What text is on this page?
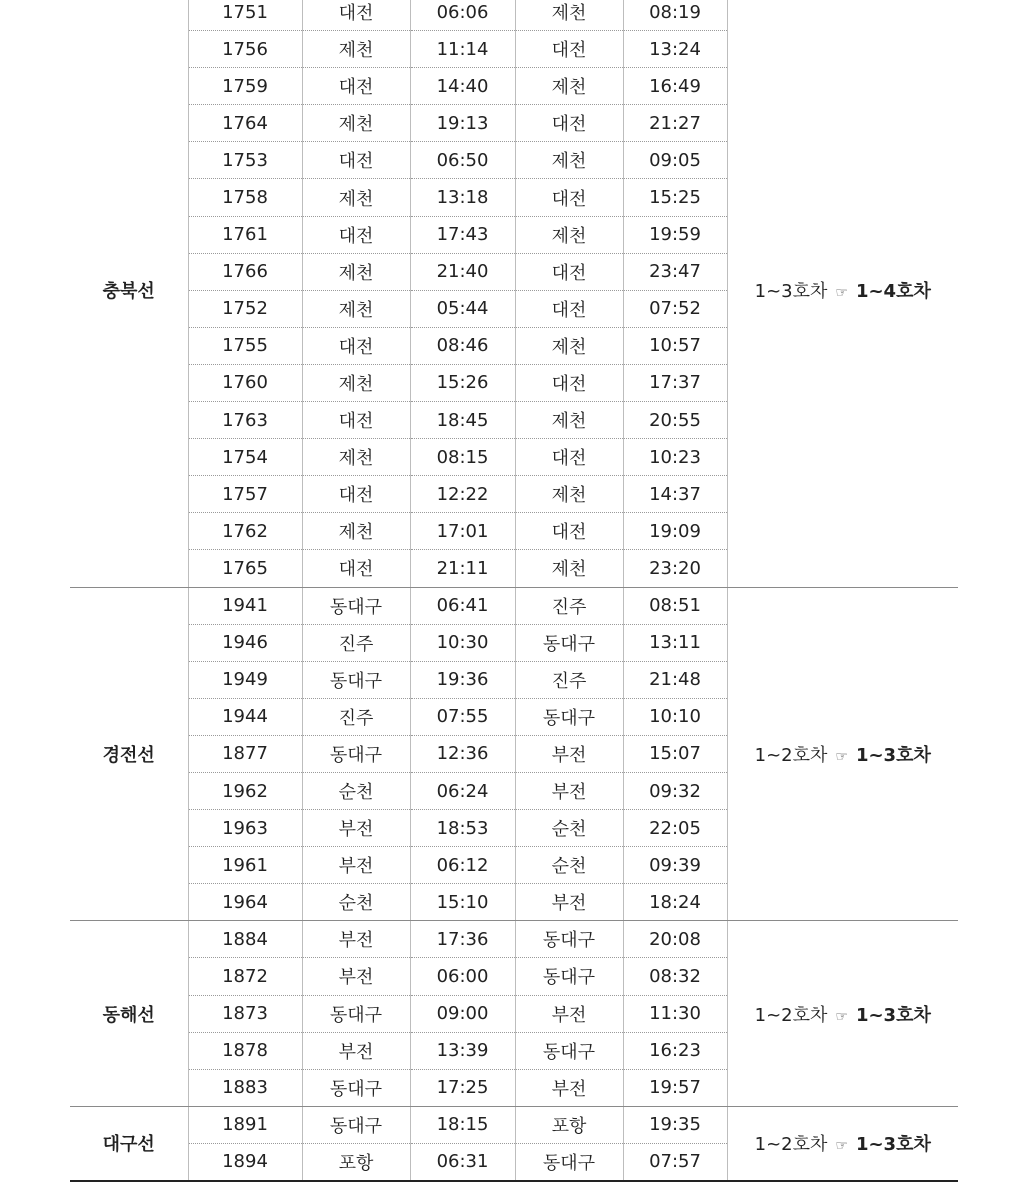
충북선	1751	대전	06:06	제천	08:19	1~3호차 ☞ 1~4호차
	1756	제천	11:14	대전	13:24	
	1759	대전	14:40	제천	16:49	
	1764	제천	19:13	대전	21:27	
	1753	대전	06:50	제천	09:05	
	1758	제천	13:18	대전	15:25	
	1761	대전	17:43	제천	19:59	
	1766	제천	21:40	대전	23:47	
	1752	제천	05:44	대전	07:52	
	1755	대전	08:46	제천	10:57	
	1760	제천	15:26	대전	17:37	
	1763	대전	18:45	제천	20:55	
	1754	제천	08:15	대전	10:23	
	1757	대전	12:22	제천	14:37	
	1762	제천	17:01	대전	19:09	
	1765	대전	21:11	제천	23:20	
경전선	1941	동대구	06:41	진주	08:51	1~2호차 ☞ 1~3호차
	1946	진주	10:30	동대구	13:11	
	1949	동대구	19:36	진주	21:48	
	1944	진주	07:55	동대구	10:10	
	1877	동대구	12:36	부전	15:07	
	1962	순천	06:24	부전	09:32	
	1963	부전	18:53	순천	22:05	
	1961	부전	06:12	순천	09:39	
	1964	순천	15:10	부전	18:24	
동해선	1884	부전	17:36	동대구	20:08	1~2호차 ☞ 1~3호차
	1872	부전	06:00	동대구	08:32	
	1873	동대구	09:00	부전	11:30	
	1878	부전	13:39	동대구	16:23	
	1883	동대구	17:25	부전	19:57	
대구선	1891	동대구	18:15	포항	19:35	1~2호차 ☞ 1~3호차
	1894	포항	06:31	동대구	07:57	
